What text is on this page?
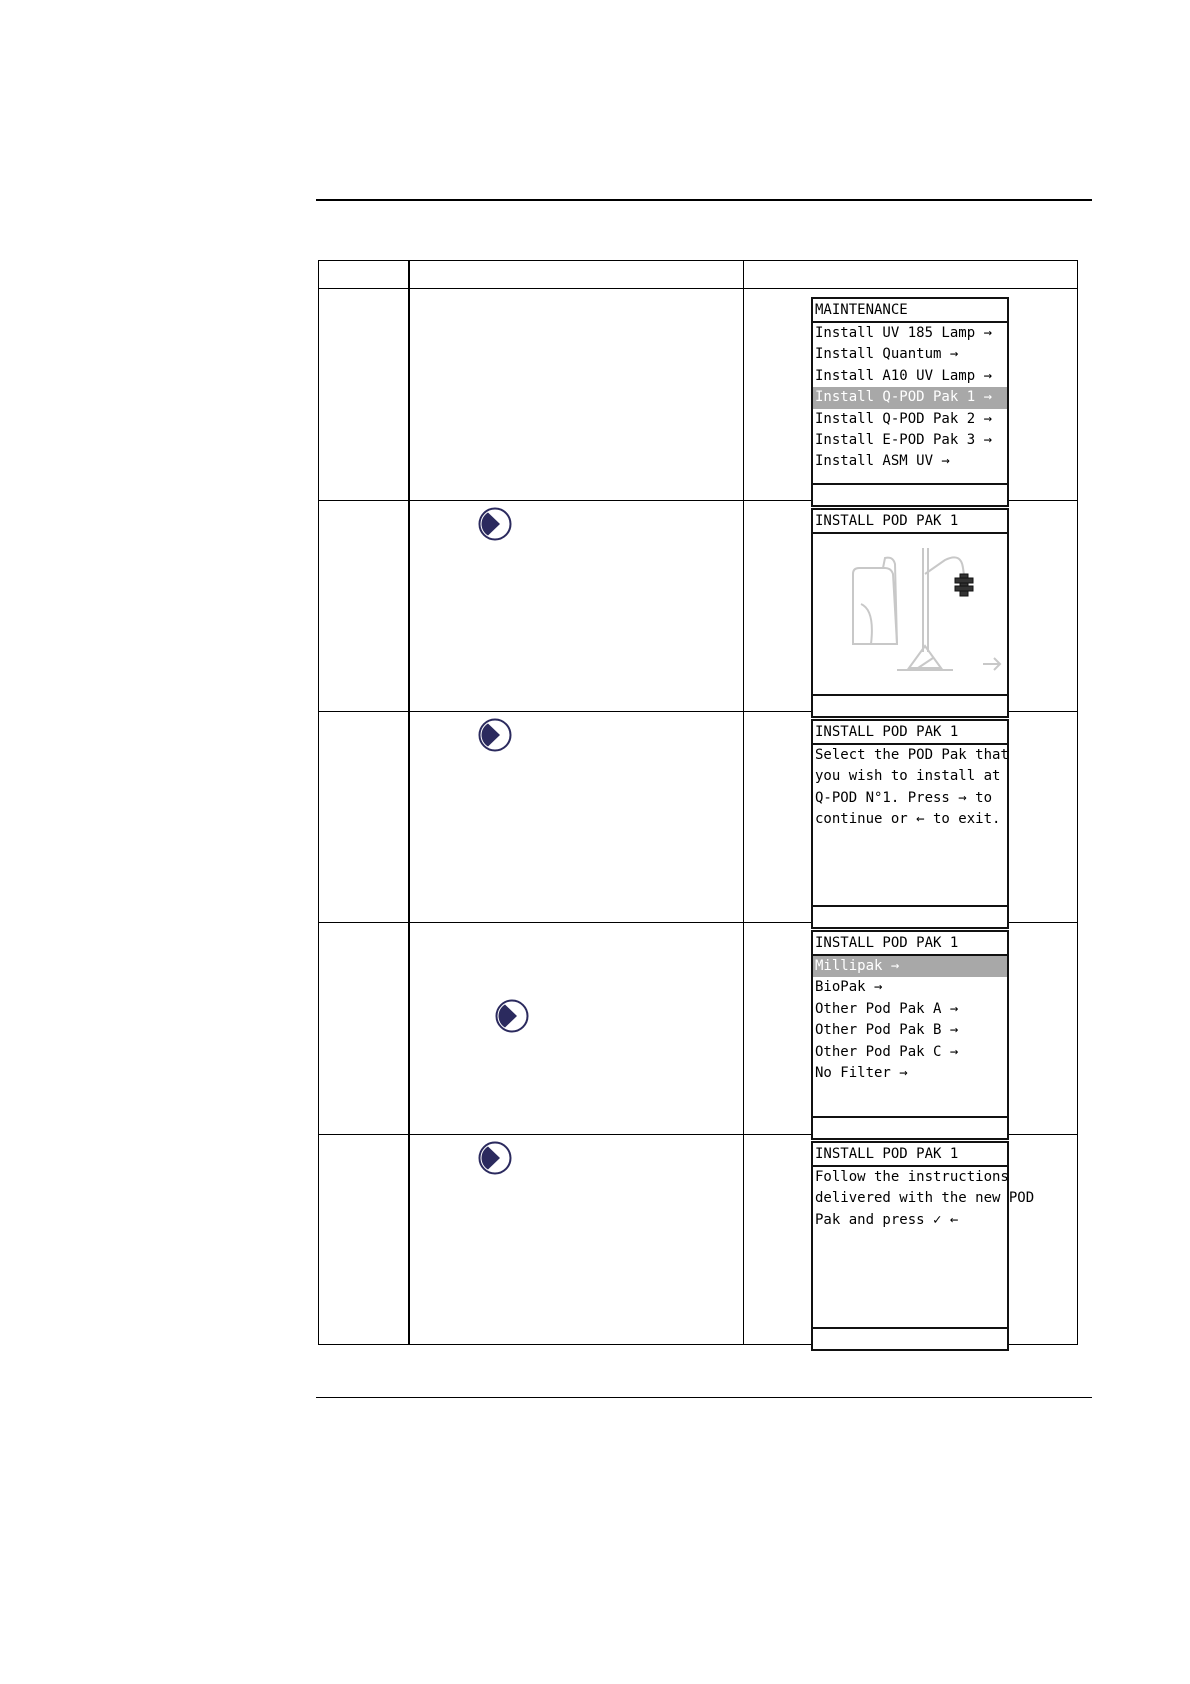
MAINTENANCE
Install UV 185 Lamp →
Install Quantum →
Install A10 UV Lamp →
Install Q-POD Pak 1 →
Install Q-POD Pak 2 →
Install E-POD Pak 3 →
Install ASM UV →
INSTALL POD PAK 1
INSTALL POD PAK 1
Select the POD Pak that
you wish to install at
Q-POD N°1. Press → to
continue or ← to exit.
INSTALL POD PAK 1
Millipak →
BioPak →
Other Pod Pak A →
Other Pod Pak B →
Other Pod Pak C →
No Filter →
INSTALL POD PAK 1
Follow the instructions
delivered with the new POD
Pak and press ✓ ←
